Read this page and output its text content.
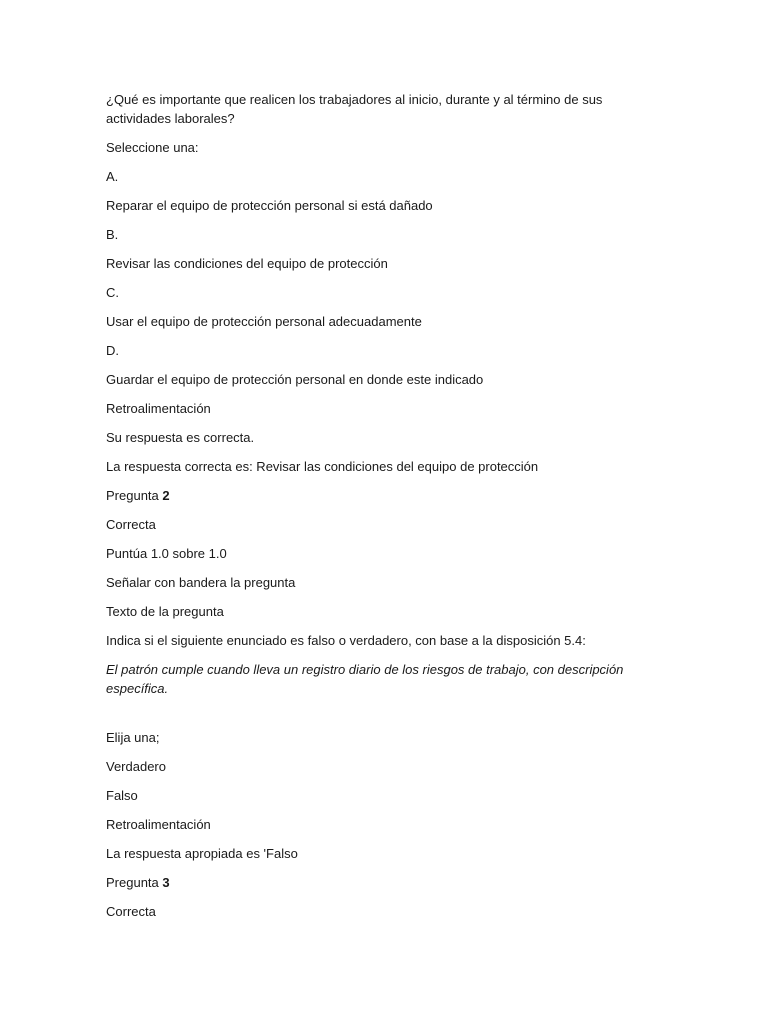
¿Qué es importante que realicen los trabajadores al inicio, durante y al término de sus actividades laborales?

Seleccione una:

A.

Reparar el equipo de protección personal si está dañado

B.

Revisar las condiciones del equipo de protección

C.

Usar el equipo de protección personal adecuadamente

D.

Guardar el equipo de protección personal en donde este indicado

Retroalimentación

Su respuesta es correcta.

La respuesta correcta es: Revisar las condiciones del equipo de protección

Pregunta 2

Correcta

Puntúa 1.0 sobre 1.0

Señalar con bandera la pregunta

Texto de la pregunta

Indica si el siguiente enunciado es falso o verdadero, con base a la disposición 5.4:

El patrón cumple cuando lleva un registro diario de los riesgos de trabajo, con descripción específica.

Elija una;

Verdadero

Falso

Retroalimentación

La respuesta apropiada es 'Falso

Pregunta 3

Correcta
